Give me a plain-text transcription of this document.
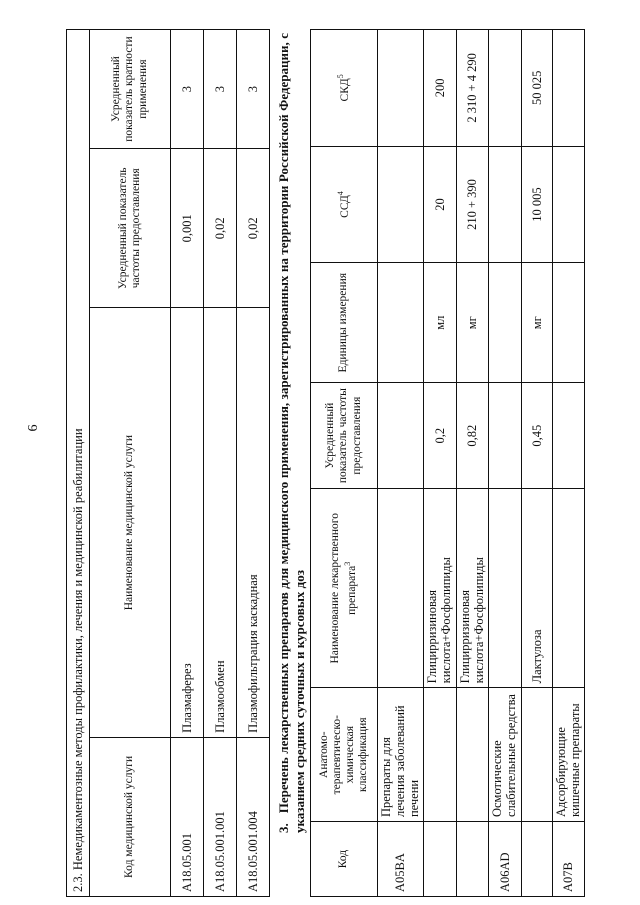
6
2.3. Немедикаментозные методы профилактики, лечения и медицинской реабилитации			
Код медицинской услуги	Наименование медицинской услуги	Усредненный показатель частоты предоставления	Усредненный показатель кратности применения
A18.05.001	Плазмаферез	0,001	3
A18.05.001.001	Плазмообмен	0,02	3
A18.05.001.004	Плазмофильтрация каскадная	0,02	3
3.Перечень лекарственных препаратов для медицинского применения, зарегистрированных на территории Российской Федерации, с указанием средних суточных и курсовых доз
Код	Анатомо-терапевтическо-химическая классификация	Наименование лекарственного препарата$^3$	Усредненный показатель частоты предоставления	Единицы измерения	ССД$^4$	СКД$^5$
A05BA	Препараты для лечения заболеваний печени					
		Глицирризиновая кислота+Фосфолипиды	0,2	мл	20	200
		Глицирризиновая кислота+Фосфолипиды	0,82	мг	210 + 390	2 310 + 4 290
A06AD	Осмотические слабительные средства					
		Лактулоза	0,45	мг	10 005	50 025
A07B	Адсорбирующие кишечные препараты					
